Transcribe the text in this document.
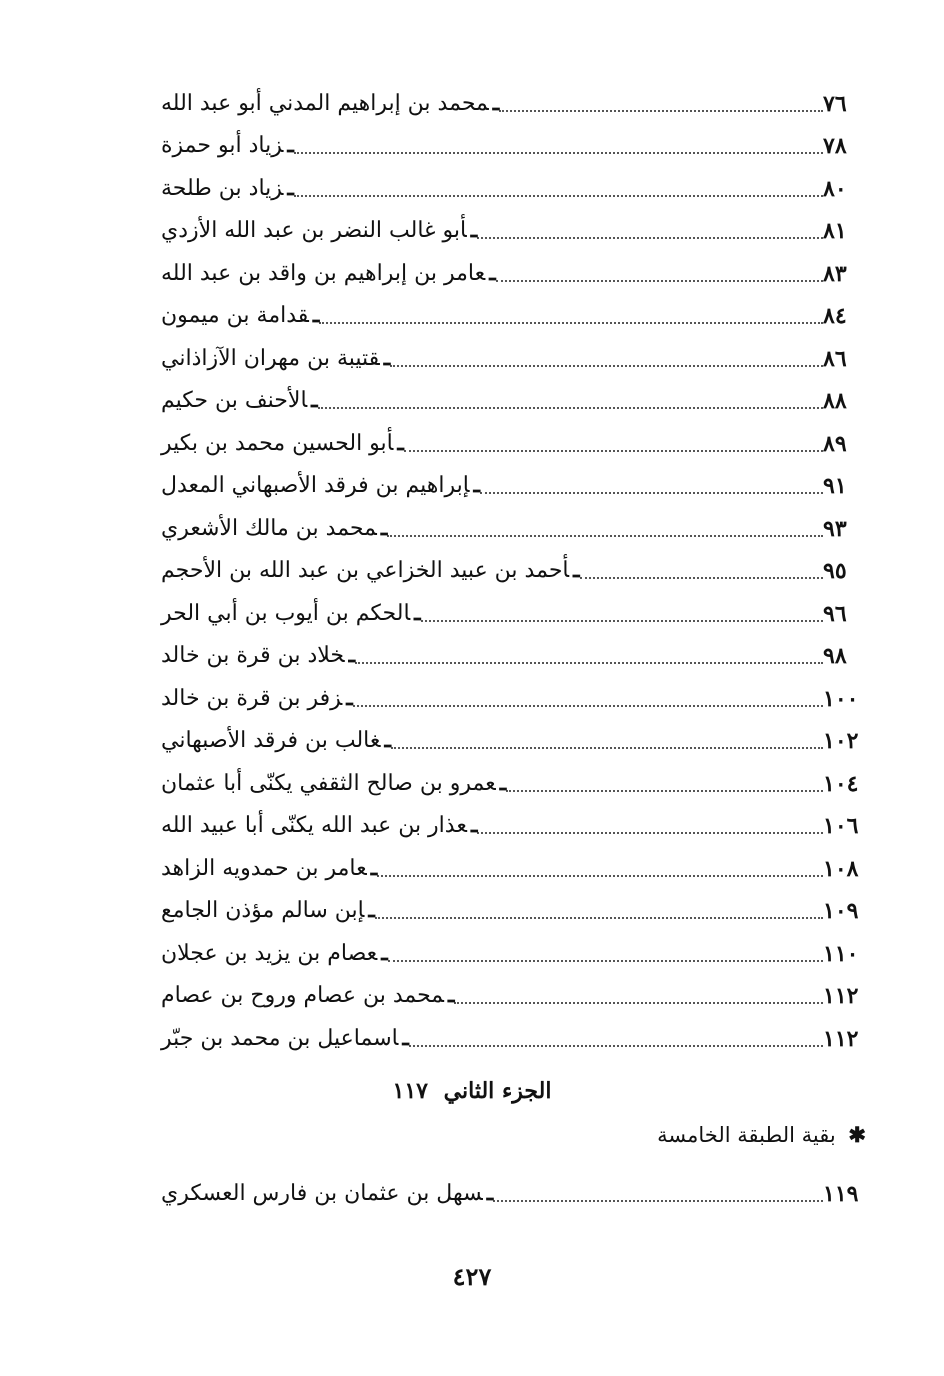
ـمحمد بن إبراهيم المدني أبو عبد الله	٧٦
ـزياد أبو حمزة	٧٨
ـزياد بن طلحة	٨٠
ـأبو غالب النضر بن عبد الله الأزدي	٨١
ـعامر بن إبراهيم بن واقد بن عبد الله	٨٣
ـقدامة بن ميمون	٨٤
ـقتيبة بن مهران الآزاذاني	٨٦
ـالأحنف بن حكيم	٨٨
ـأبو الحسين محمد بن بكير	٨٩
ـإبراهيم بن فرقد الأصبهاني المعدل	٩١
ـمحمد بن مالك الأشعري	٩٣
ـأحمد بن عبيد الخزاعي بن عبد الله بن الأحجم	٩٥
ـالحكم بن أيوب بن أبي الحر	٩٦
ـخلاد بن قرة بن خالد	٩٨
ـزفر بن قرة بن خالد	١٠٠
ـغالب بن فرقد الأصبهاني	١٠٢
ـعمرو بن صالح الثقفي يكنّى أبا عثمان	١٠٤
ـعذار بن عبد الله يكنّى أبا عبيد الله	١٠٦
ـعامر بن حمدويه الزاهد	١٠٨
ـإبن سالم مؤذن الجامع	١٠٩
ـعصام بن يزيد بن عجلان	١١٠
ـمحمد بن عصام وروح بن عصام	١١٢
ـاسماعيل بن محمد بن جبّر	١١٢
الجزء الثاني ١١٧
✱ بقية الطبقة الخامسة
ـسهل بن عثمان بن فارس العسكري	١١٩
٤٢٧
